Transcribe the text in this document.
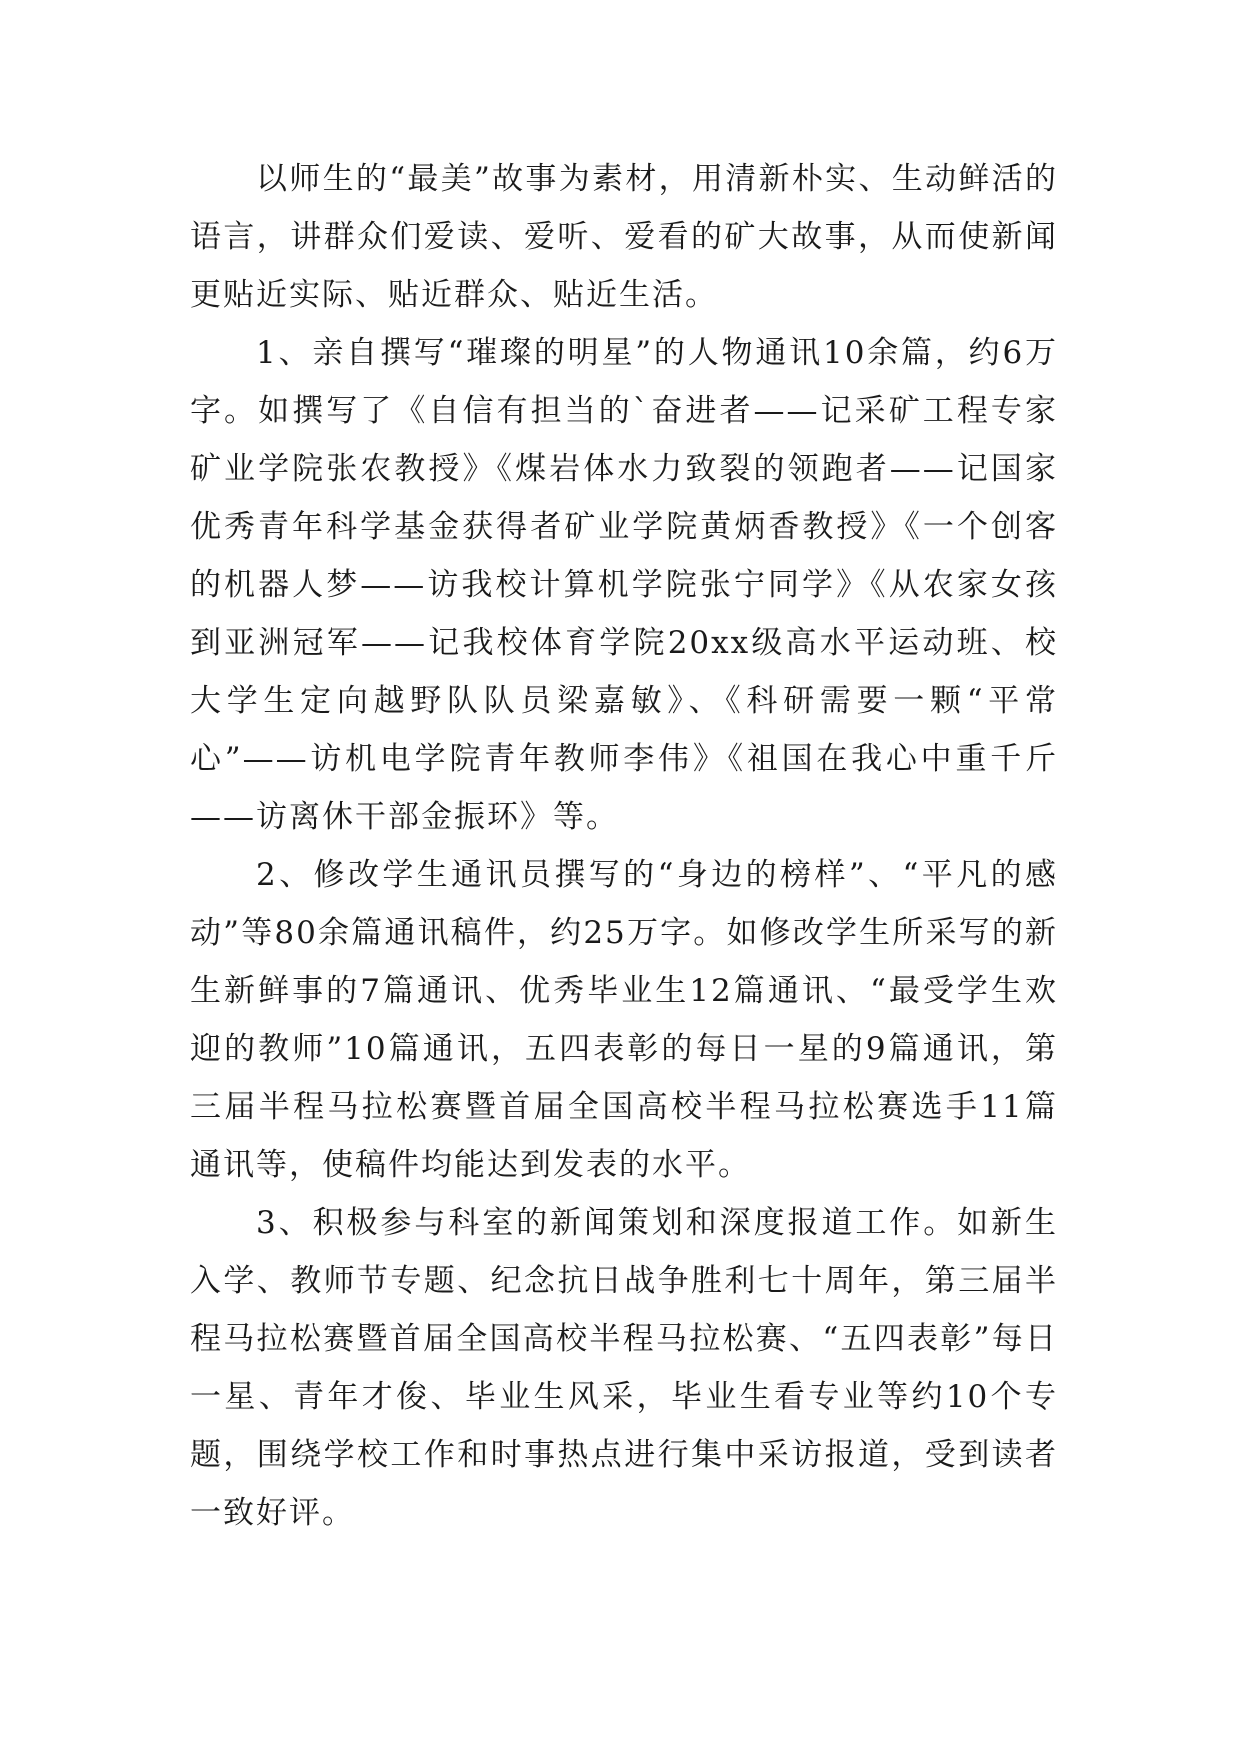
以师生的“最美”故事为素材，用清新朴实、生动鲜活的语言，讲群众们爱读、爱听、爱看的矿大故事，从而使新闻更贴近实际、贴近群众、贴近生活。

1、亲自撰写“璀璨的明星”的人物通讯10余篇，约6万字。如撰写了《自信有担当的`奋进者——记采矿工程专家矿业学院张农教授》《煤岩体水力致裂的领跑者——记国家优秀青年科学基金获得者矿业学院黄炳香教授》《一个创客的机器人梦——访我校计算机学院张宁同学》《从农家女孩到亚洲冠军——记我校体育学院20xx级高水平运动班、校大学生定向越野队队员梁嘉敏》、《科研需要一颗“平常心”——访机电学院青年教师李伟》《祖国在我心中重千斤——访离休干部金振环》等。

2、修改学生通讯员撰写的“身边的榜样”、“平凡的感动”等80余篇通讯稿件，约25万字。如修改学生所采写的新生新鲜事的7篇通讯、优秀毕业生12篇通讯、“最受学生欢迎的教师”10篇通讯，五四表彰的每日一星的9篇通讯，第三届半程马拉松赛暨首届全国高校半程马拉松赛选手11篇通讯等，使稿件均能达到发表的水平。

3、积极参与科室的新闻策划和深度报道工作。如新生入学、教师节专题、纪念抗日战争胜利七十周年，第三届半程马拉松赛暨首届全国高校半程马拉松赛、“五四表彰”每日一星、青年才俊、毕业生风采，毕业生看专业等约10个专题，围绕学校工作和时事热点进行集中采访报道，受到读者一致好评。
